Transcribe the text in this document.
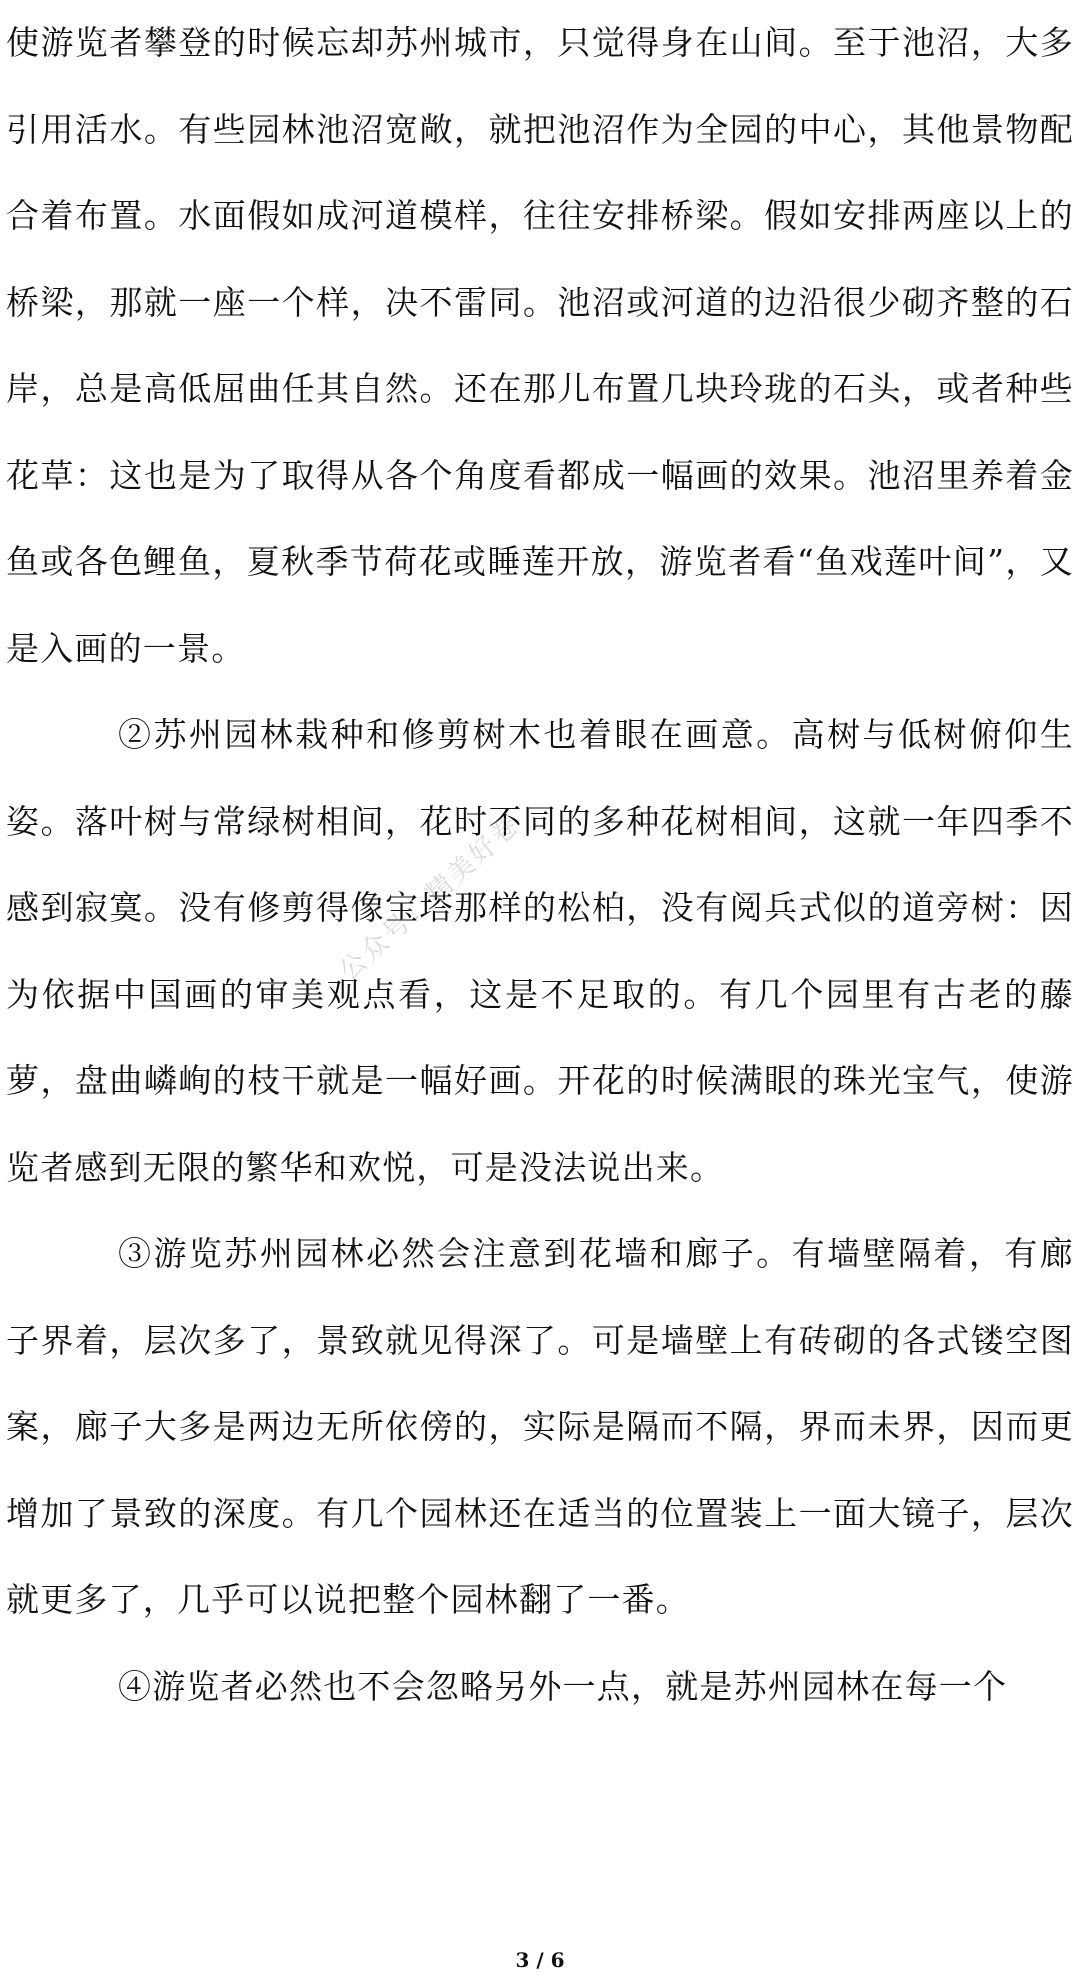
使游览者攀登的时候忘却苏州城市，只觉得身在山间。至于池沼，大多引用活水。有些园林池沼宽敞，就把池沼作为全园的中心，其他景物配合着布置。水面假如成河道模样，往往安排桥梁。假如安排两座以上的桥梁，那就一座一个样，决不雷同。池沼或河道的边沿很少砌齐整的石岸，总是高低屈曲任其自然。还在那儿布置几块玲珑的石头，或者种些花草：这也是为了取得从各个角度看都成一幅画的效果。池沼里养着金鱼或各色鲤鱼，夏秋季节荷花或睡莲开放，游览者看“鱼戏莲叶间”，又是入画的一景。

②苏州园林栽种和修剪树木也着眼在画意。高树与低树俯仰生姿。落叶树与常绿树相间，花时不同的多种花树相间，这就一年四季不感到寂寞。没有修剪得像宝塔那样的松柏，没有阅兵式似的道旁树：因为依据中国画的审美观点看，这是不足取的。有几个园里有古老的藤萝，盘曲嶙峋的枝干就是一幅好画。开花的时候满眼的珠光宝气，使游览者感到无限的繁华和欢悦，可是没法说出来。

③游览苏州园林必然会注意到花墙和廊子。有墙壁隔着，有廊子界着，层次多了，景致就见得深了。可是墙壁上有砖砌的各式镂空图案，廊子大多是两边无所依傍的，实际是隔而不隔，界而未界，因而更增加了景致的深度。有几个园林还在适当的位置装上一面大镜子，层次就更多了，几乎可以说把整个园林翻了一番。

④游览者必然也不会忽略另外一点，就是苏州园林在每一个

公众号：精美好卷
3 / 6
